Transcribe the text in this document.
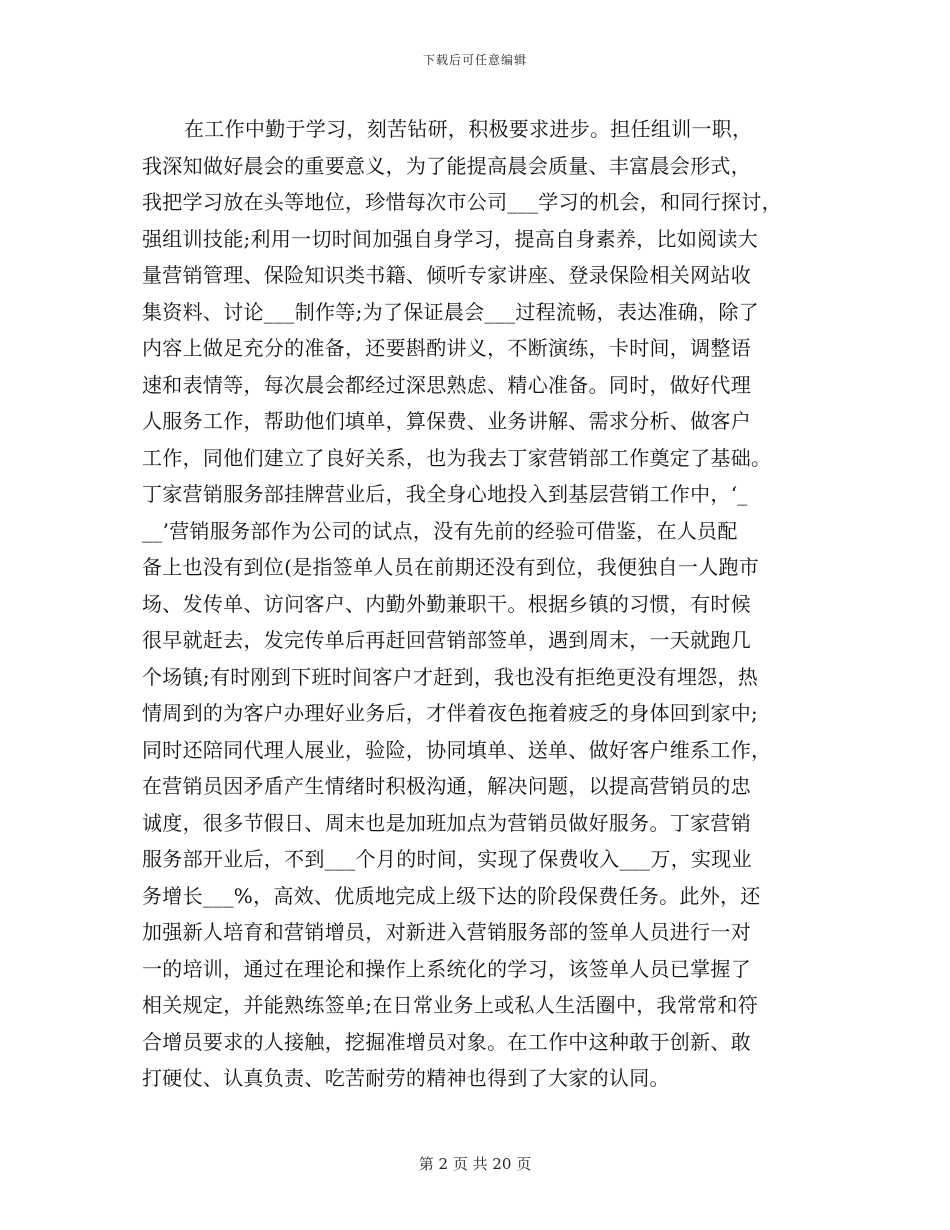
下载后可任意编辑
在工作中勤于学习，刻苦钻研，积极要求进步。担任组训一职，
我深知做好晨会的重要意义，为了能提高晨会质量、丰富晨会形式，
我把学习放在头等地位，珍惜每次市公司___学习的机会，和同行探讨，
强组训技能;利用一切时间加强自身学习，提高自身素养，比如阅读大
量营销管理、保险知识类书籍、倾听专家讲座、登录保险相关网站收
集资料、讨论___制作等;为了保证晨会___过程流畅，表达准确，除了
内容上做足充分的准备，还要斟酌讲义，不断演练，卡时间，调整语
速和表情等，每次晨会都经过深思熟虑、精心准备。同时，做好代理
人服务工作，帮助他们填单，算保费、业务讲解、需求分析、做客户
工作，同他们建立了良好关系，也为我去丁家营销部工作奠定了基础。
丁家营销服务部挂牌营业后，我全身心地投入到基层营销工作中，‘_
__’营销服务部作为公司的试点，没有先前的经验可借鉴，在人员配
备上也没有到位(是指签单人员在前期还没有到位，我便独自一人跑市
场、发传单、访问客户、内勤外勤兼职干。根据乡镇的习惯，有时候
很早就赶去，发完传单后再赶回营销部签单，遇到周末，一天就跑几
个场镇;有时刚到下班时间客户才赶到，我也没有拒绝更没有埋怨，热
情周到的为客户办理好业务后，才伴着夜色拖着疲乏的身体回到家中;
同时还陪同代理人展业，验险，协同填单、送单、做好客户维系工作，
在营销员因矛盾产生情绪时积极沟通，解决问题，以提高营销员的忠
诚度，很多节假日、周末也是加班加点为营销员做好服务。丁家营销
服务部开业后，不到___个月的时间，实现了保费收入___万，实现业
务增长___%，高效、优质地完成上级下达的阶段保费任务。此外，还
加强新人培育和营销增员，对新进入营销服务部的签单人员进行一对
一的培训，通过在理论和操作上系统化的学习，该签单人员已掌握了
相关规定，并能熟练签单;在日常业务上或私人生活圈中，我常常和符
合增员要求的人接触，挖掘准增员对象。在工作中这种敢于创新、敢
打硬仗、认真负责、吃苦耐劳的精神也得到了大家的认同。
第 2 页 共 20 页
